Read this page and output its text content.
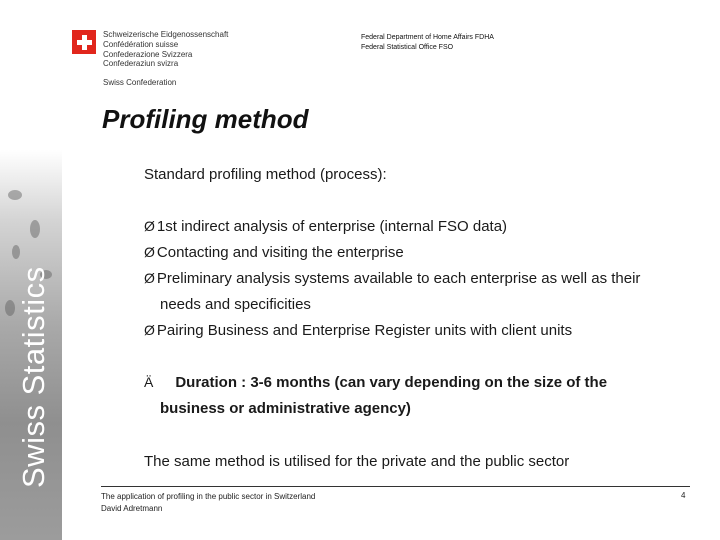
Swiss Statistics
Schweizerische Eidgenossenschaft
Confédération suisse
Confederazione Svizzera
Confederaziun svizra
Swiss Confederation
Federal Department of Home Affairs FDHA
Federal Statistical Office FSO
Profiling method
Standard profiling method (process):
Ø 1st indirect analysis of enterprise (internal FSO data)
Ø Contacting and visiting the enterprise
Ø Preliminary analysis systems available to each enterprise as well as their
needs and specificities
Ø Pairing Business and Enterprise Register units with client units
Ä Duration : 3-6 months (can vary depending on the size of the
business or administrative agency)
The same method is utilised for the private and the public sector
The application of profiling in the public sector in Switzerland
David Adretmann
4
